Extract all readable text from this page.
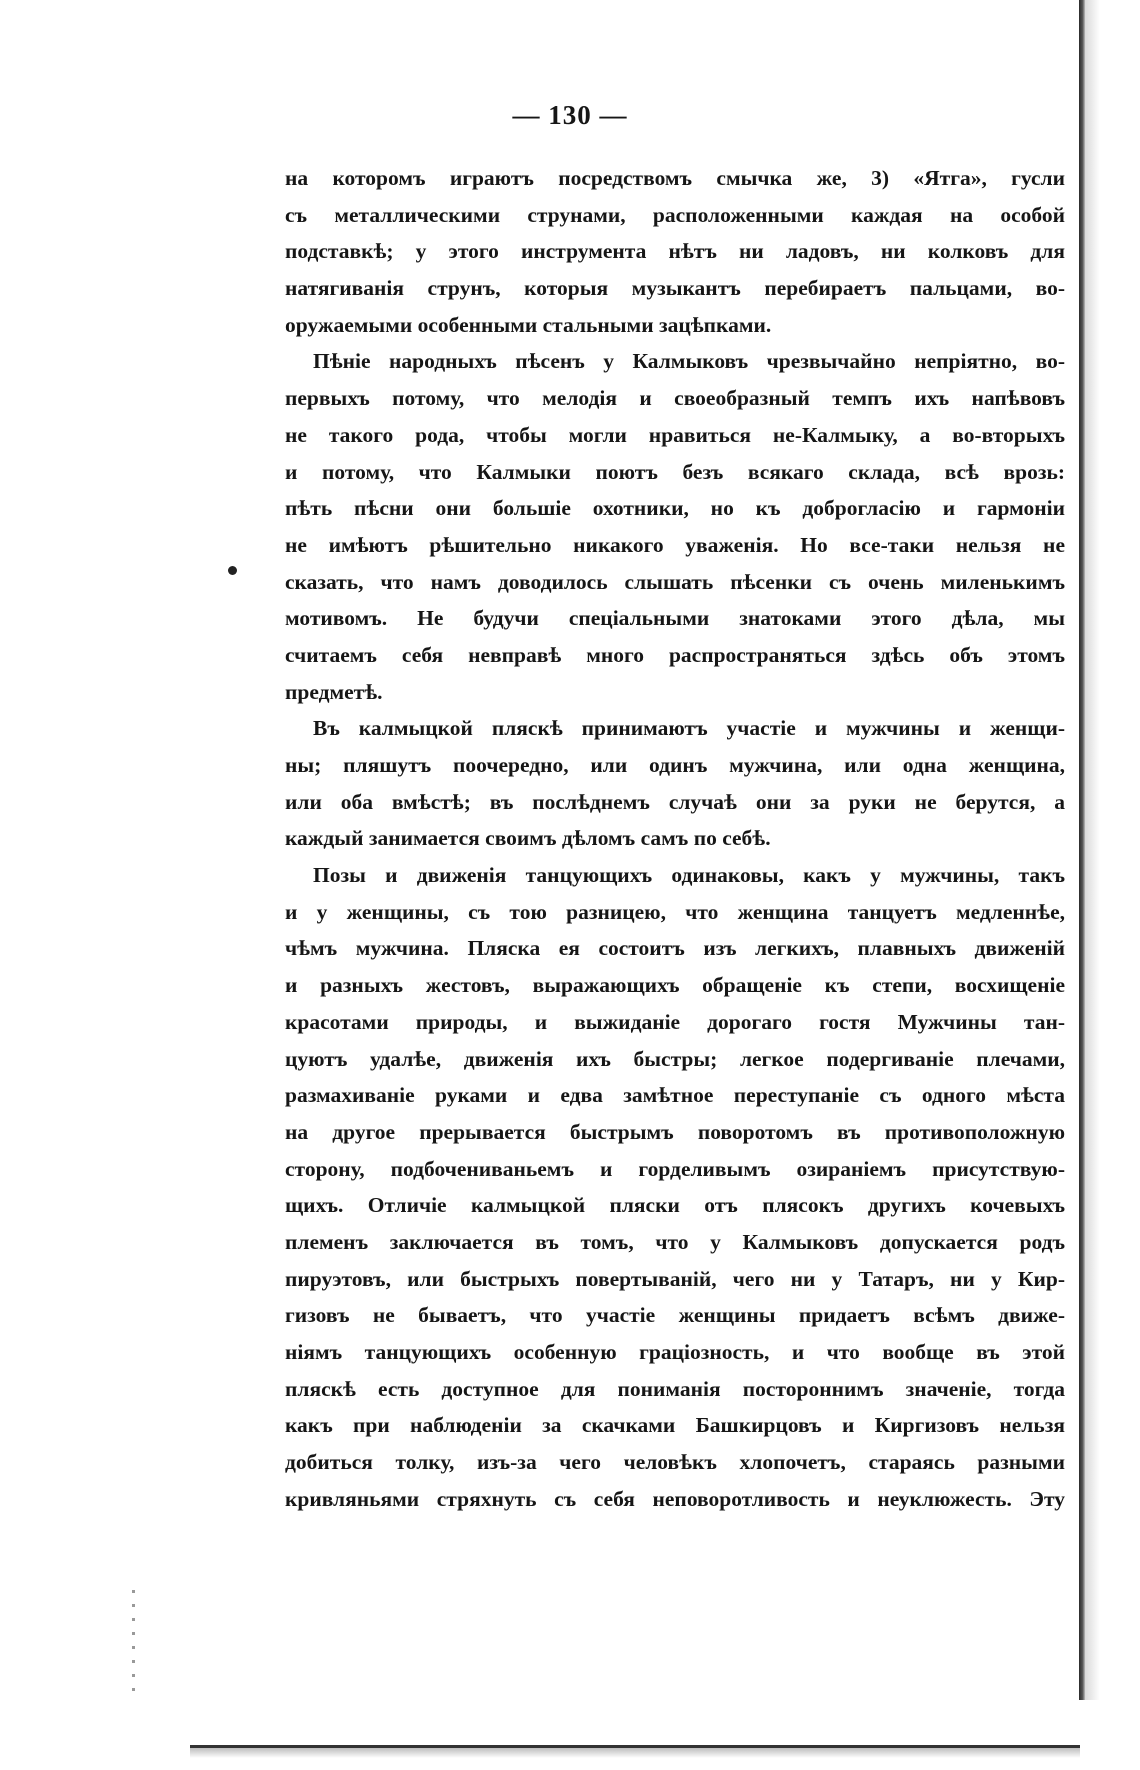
— 130 —
на которомъ играютъ посредствомъ смычка же, 3) «Ятга», гусли
съ металлическими струнами, расположенными каждая на особой
подставкѣ; у этого инструмента нѣтъ ни ладовъ, ни колковъ для
натягиванія струнъ, которыя музыкантъ перебираетъ пальцами, во-
оружаемыми особенными стальными зацѣпками.
Пѣніе народныхъ пѣсенъ у Калмыковъ чрезвычайно непріятно, во-
первыхъ потому, что мелодія и своеобразный темпъ ихъ напѣвовъ
не такого рода, чтобы могли нравиться не-Калмыку, а во-вторыхъ
и потому, что Калмыки поютъ безъ всякаго склада, всѣ врозь:
пѣть пѣсни они большіе охотники, но къ доброгласію и гармоніи
не имѣютъ рѣшительно никакого уваженія. Но все-таки нельзя не
сказать, что намъ доводилось слышать пѣсенки съ очень миленькимъ мотивомъ. Не будучи спеціальными знатоками этого дѣла, мы
считаемъ себя невправѣ много распространяться здѣсь объ этомъ
предметѣ.
Въ калмыцкой пляскѣ принимаютъ участіе и мужчины и женщи-
ны; пляшутъ поочередно, или одинъ мужчина, или одна женщина,
или оба вмѣстѣ; въ послѣднемъ случаѣ они за руки не берутся, а
каждый занимается своимъ дѣломъ самъ по себѣ.
Позы и движенія танцующихъ одинаковы, какъ у мужчины, такъ
и у женщины, съ тою разницею, что женщина танцуетъ медленнѣе,
чѣмъ мужчина. Пляска ея состоитъ изъ легкихъ, плавныхъ движеній
и разныхъ жестовъ, выражающихъ обращеніе къ степи, восхищеніе
красотами природы, и выжиданіе дорогаго гостя Мужчины тан-
цуютъ удалѣе, движенія ихъ быстры; легкое подергиваніе плечами,
размахиваніе руками и едва замѣтное переступаніе съ одного мѣста
на другое прерывается быстрымъ поворотомъ въ противоположную
сторону, подбочениваньемъ и горделивымъ озираніемъ присутствую-
щихъ. Отличіе калмыцкой пляски отъ плясокъ другихъ кочевыхъ
племенъ заключается въ томъ, что у Калмыковъ допускается родъ
пируэтовъ, или быстрыхъ повертываній, чего ни у Татаръ, ни у Кир-
гизовъ не бываетъ, что участіе женщины придаетъ всѣмъ движе-
ніямъ танцующихъ особенную граціозность, и что вообще въ этой
пляскѣ есть доступное для пониманія постороннимъ значеніе, тогда
какъ при наблюденіи за скачками Башкирцовъ и Киргизовъ нельзя
добиться толку, изъ-за чего человѣкъ хлопочетъ, стараясь разными
кривляньями стряхнуть съ себя неповоротливость и неуклюжесть. Эту
